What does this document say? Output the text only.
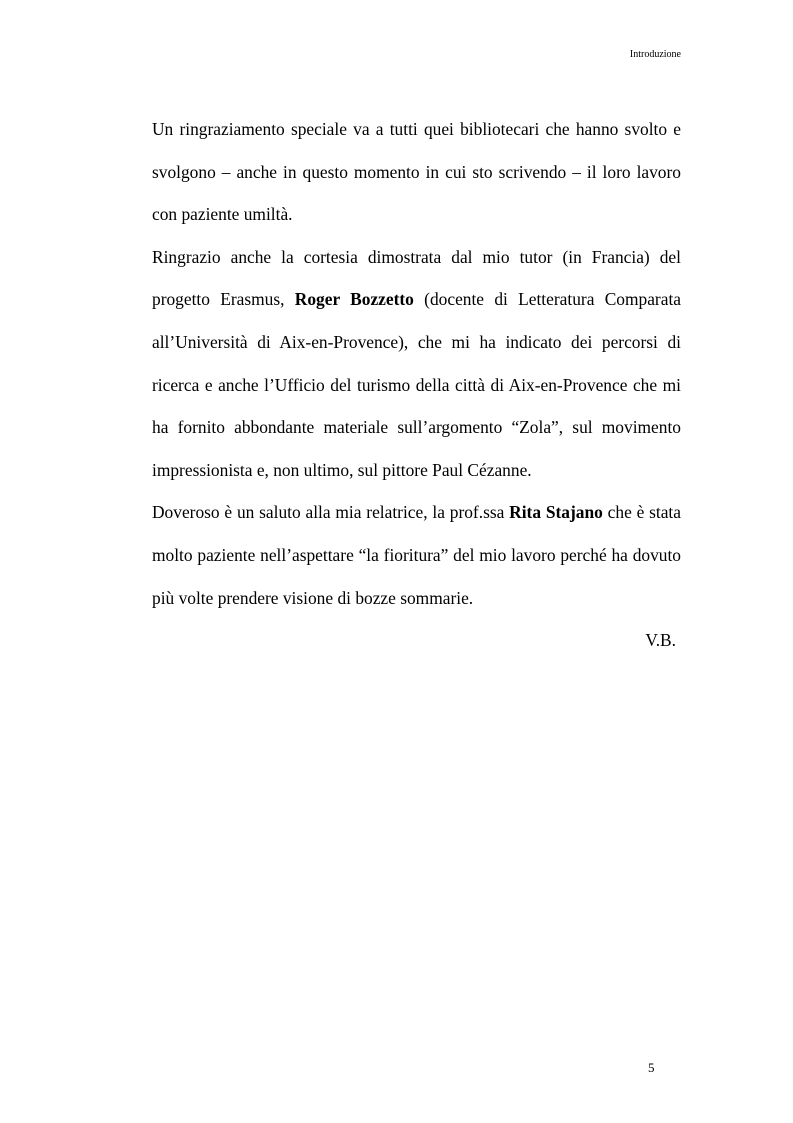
Introduzione

Un ringraziamento speciale va a tutti quei bibliotecari che hanno svolto e svolgono – anche in questo momento in cui sto scrivendo – il loro lavoro con paziente umiltà.

Ringrazio anche la cortesia dimostrata dal mio tutor (in Francia) del progetto Erasmus, Roger Bozzetto (docente di Letteratura Comparata all’Università di Aix-en-Provence), che mi ha indicato dei percorsi di ricerca e anche l’Ufficio del turismo della città di Aix-en-Provence che mi ha fornito abbondante materiale sull’argomento “Zola”, sul movimento impressionista e, non ultimo, sul pittore Paul Cézanne.

Doveroso è un saluto alla mia relatrice, la prof.ssa Rita Stajano che è stata molto paziente nell’aspettare “la fioritura” del mio lavoro perché ha dovuto più volte prendere visione di bozze sommarie.

V.B.

5
